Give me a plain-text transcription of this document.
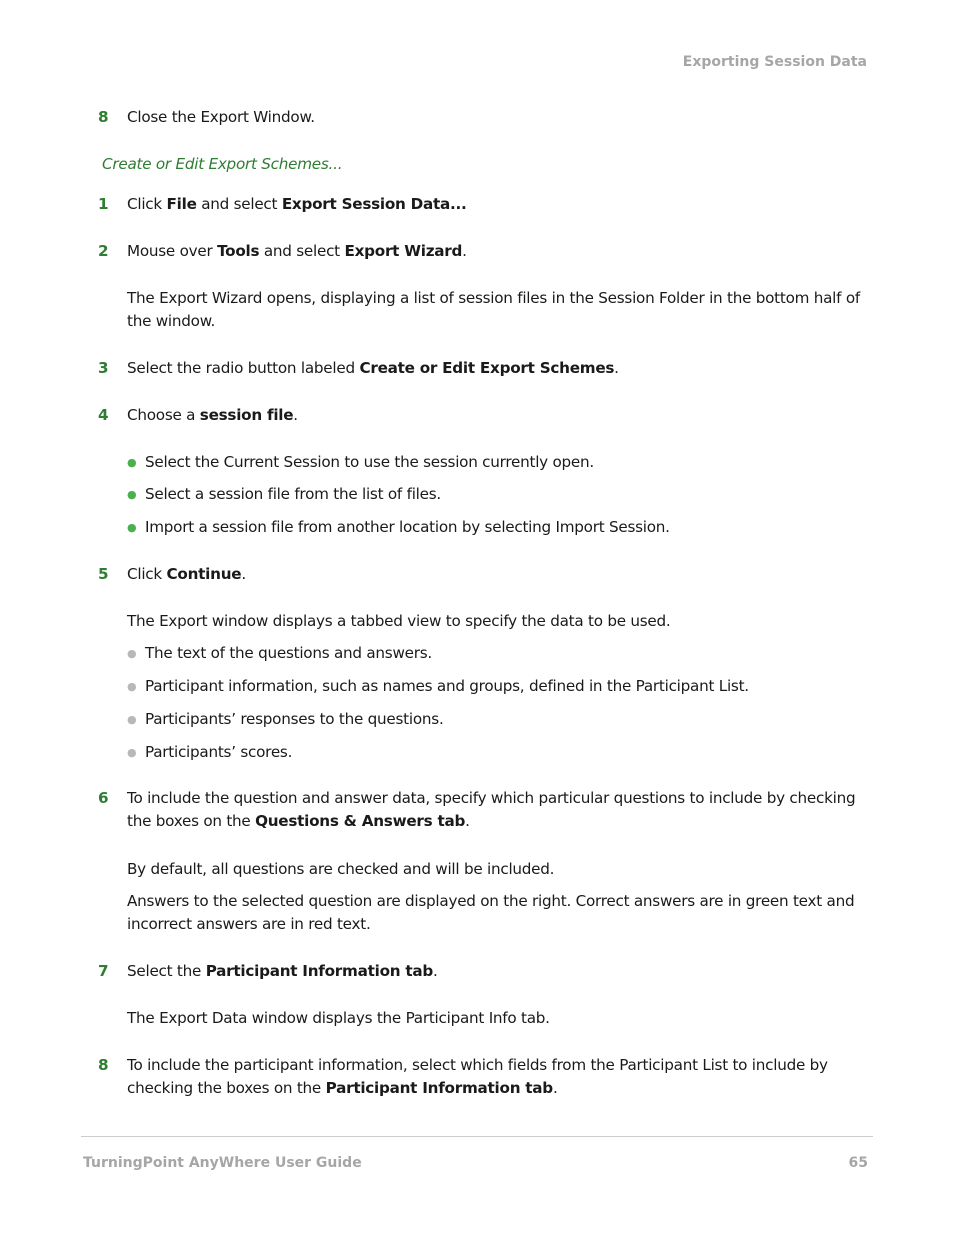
Exporting Session Data
8 Close the Export Window.
Create or Edit Export Schemes...
1 Click File and select Export Session Data...
2 Mouse over Tools and select Export Wizard.
The Export Wizard opens, displaying a list of session files in the Session Folder in the bottom half of the window.
3 Select the radio button labeled Create or Edit Export Schemes.
4 Choose a session file.
● Select the Current Session to use the session currently open.
● Select a session file from the list of files.
● Import a session file from another location by selecting Import Session.
5 Click Continue.
The Export window displays a tabbed view to specify the data to be used.
● The text of the questions and answers.
● Participant information, such as names and groups, defined in the Participant List.
● Participants’ responses to the questions.
● Participants’ scores.
6 To include the question and answer data, specify which particular questions to include by checking the boxes on the Questions & Answers tab.
By default, all questions are checked and will be included.
Answers to the selected question are displayed on the right. Correct answers are in green text and incorrect answers are in red text.
7 Select the Participant Information tab.
The Export Data window displays the Participant Info tab.
8 To include the participant information, select which fields from the Participant List to include by checking the boxes on the Participant Information tab.
TurningPoint AnyWhere User Guide	65
